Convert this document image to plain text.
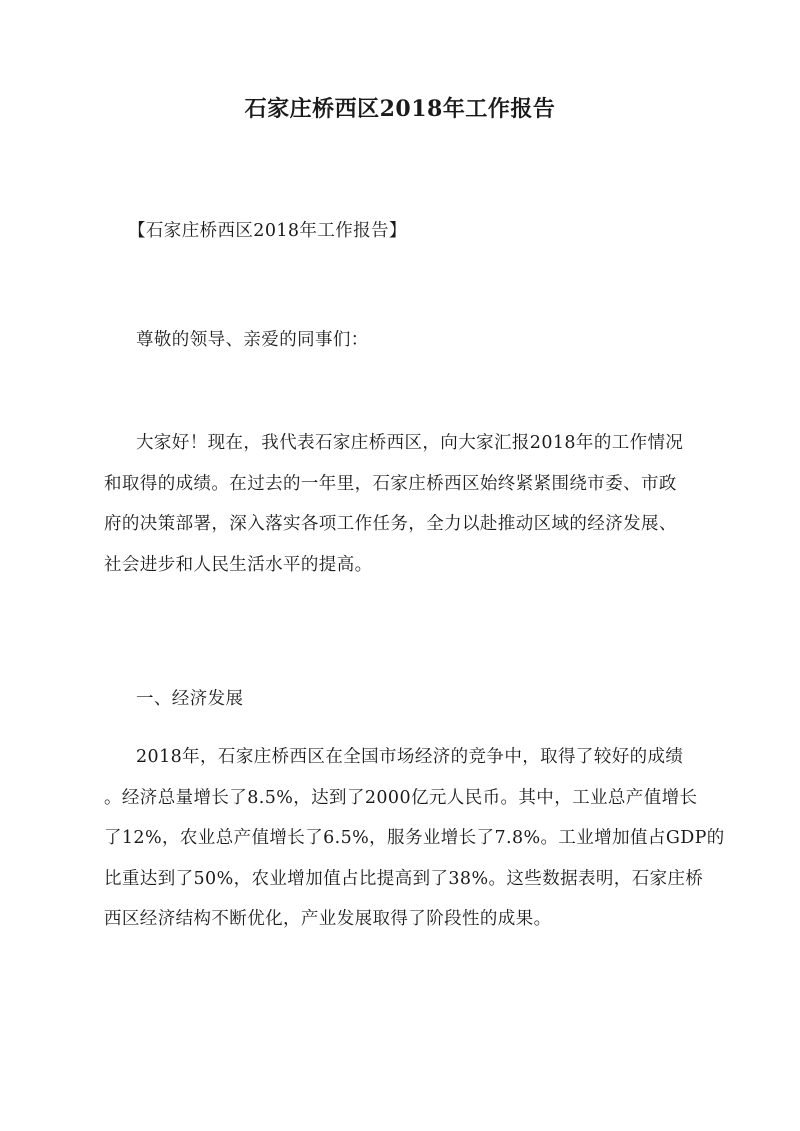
石家庄桥西区2018年工作报告

【石家庄桥西区2018年工作报告】

尊敬的领导、亲爱的同事们：

大家好！现在，我代表石家庄桥西区，向大家汇报2018年的工作情况
和取得的成绩。在过去的一年里，石家庄桥西区始终紧紧围绕市委、市政
府的决策部署，深入落实各项工作任务，全力以赴推动区域的经济发展、
社会进步和人民生活水平的提高。

一、经济发展

2018年，石家庄桥西区在全国市场经济的竞争中，取得了较好的成绩
。经济总量增长了8.5%，达到了2000亿元人民币。其中，工业总产值增长
了12%，农业总产值增长了6.5%，服务业增长了7.8%。工业增加值占GDP的
比重达到了50%，农业增加值占比提高到了38%。这些数据表明，石家庄桥
西区经济结构不断优化，产业发展取得了阶段性的成果。
